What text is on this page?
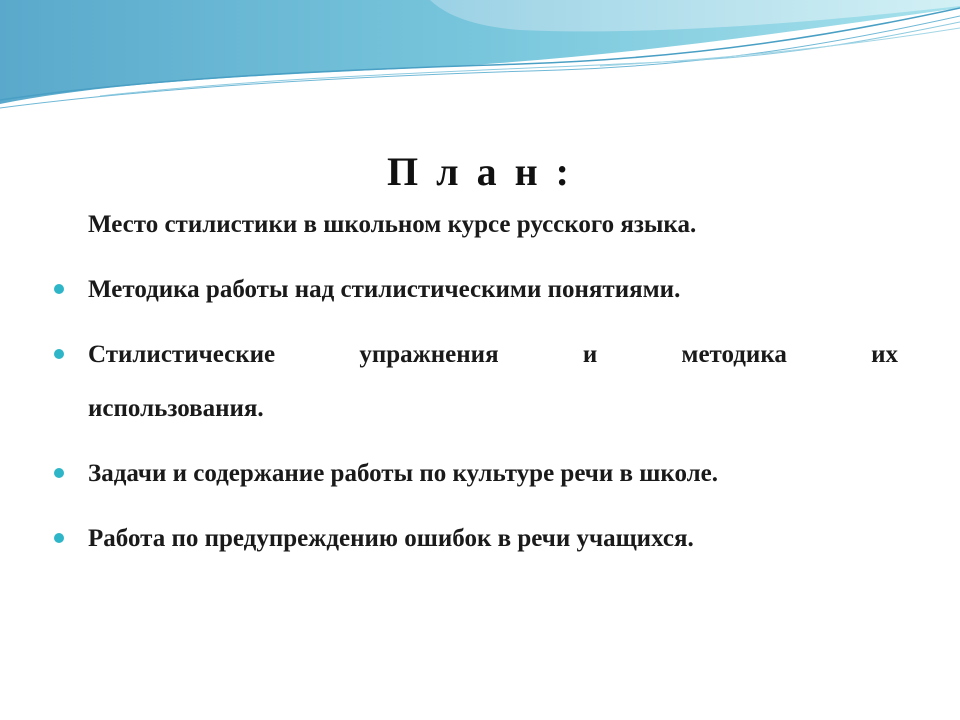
П л а н :
Место стилистики в школьном курсе русского языка.
Методика работы над стилистическими понятиями.
Стилистические	упражнения	и	методика	их
использования.
Задачи и содержание работы по культуре речи в школе.
Работа по предупреждению ошибок в речи учащихся.
